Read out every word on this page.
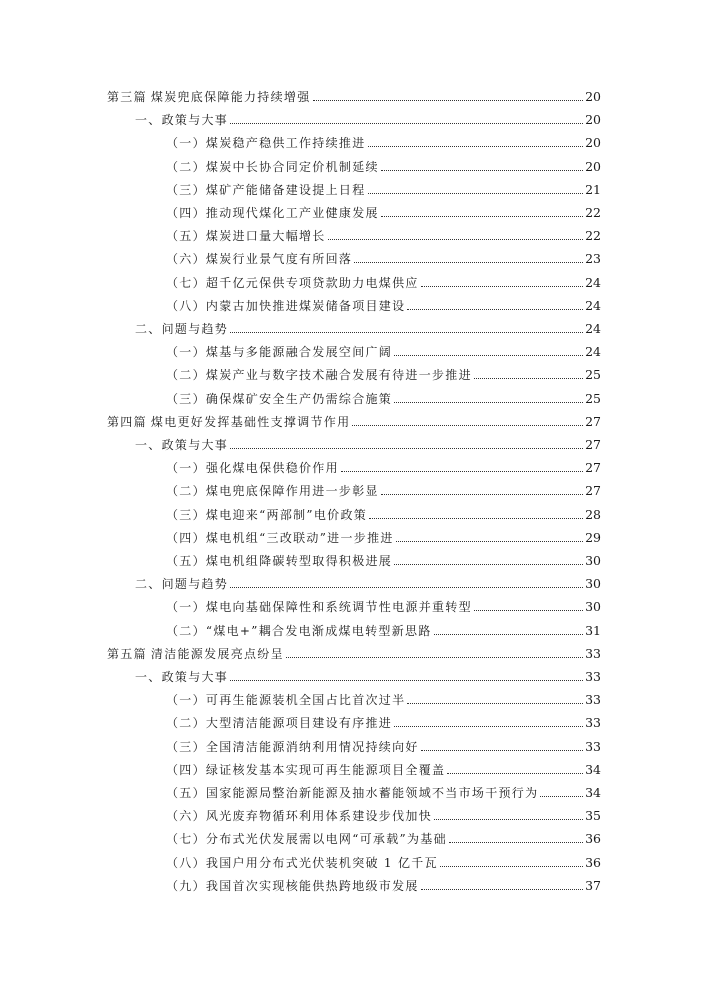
第三篇 煤炭兜底保障能力持续增强	20
一、政策与大事	20
（一）煤炭稳产稳供工作持续推进	20
（二）煤炭中长协合同定价机制延续	20
（三）煤矿产能储备建设提上日程	21
（四）推动现代煤化工产业健康发展	22
（五）煤炭进口量大幅增长	22
（六）煤炭行业景气度有所回落	23
（七）超千亿元保供专项贷款助力电煤供应	24
（八）内蒙古加快推进煤炭储备项目建设	24
二、问题与趋势	24
（一）煤基与多能源融合发展空间广阔	24
（二）煤炭产业与数字技术融合发展有待进一步推进	25
（三）确保煤矿安全生产仍需综合施策	25
第四篇 煤电更好发挥基础性支撑调节作用	27
一、政策与大事	27
（一）强化煤电保供稳价作用	27
（二）煤电兜底保障作用进一步彰显	27
（三）煤电迎来“两部制”电价政策	28
（四）煤电机组“三改联动”进一步推进	29
（五）煤电机组降碳转型取得积极进展	30
二、问题与趋势	30
（一）煤电向基础保障性和系统调节性电源并重转型	30
（二）“煤电+”耦合发电渐成煤电转型新思路	31
第五篇 清洁能源发展亮点纷呈	33
一、政策与大事	33
（一）可再生能源装机全国占比首次过半	33
（二）大型清洁能源项目建设有序推进	33
（三）全国清洁能源消纳利用情况持续向好	33
（四）绿证核发基本实现可再生能源项目全覆盖	34
（五）国家能源局整治新能源及抽水蓄能领域不当市场干预行为	34
（六）风光废弃物循环利用体系建设步伐加快	35
（七）分布式光伏发展需以电网“可承载”为基础	36
（八）我国户用分布式光伏装机突破 1 亿千瓦	36
（九）我国首次实现核能供热跨地级市发展	37
